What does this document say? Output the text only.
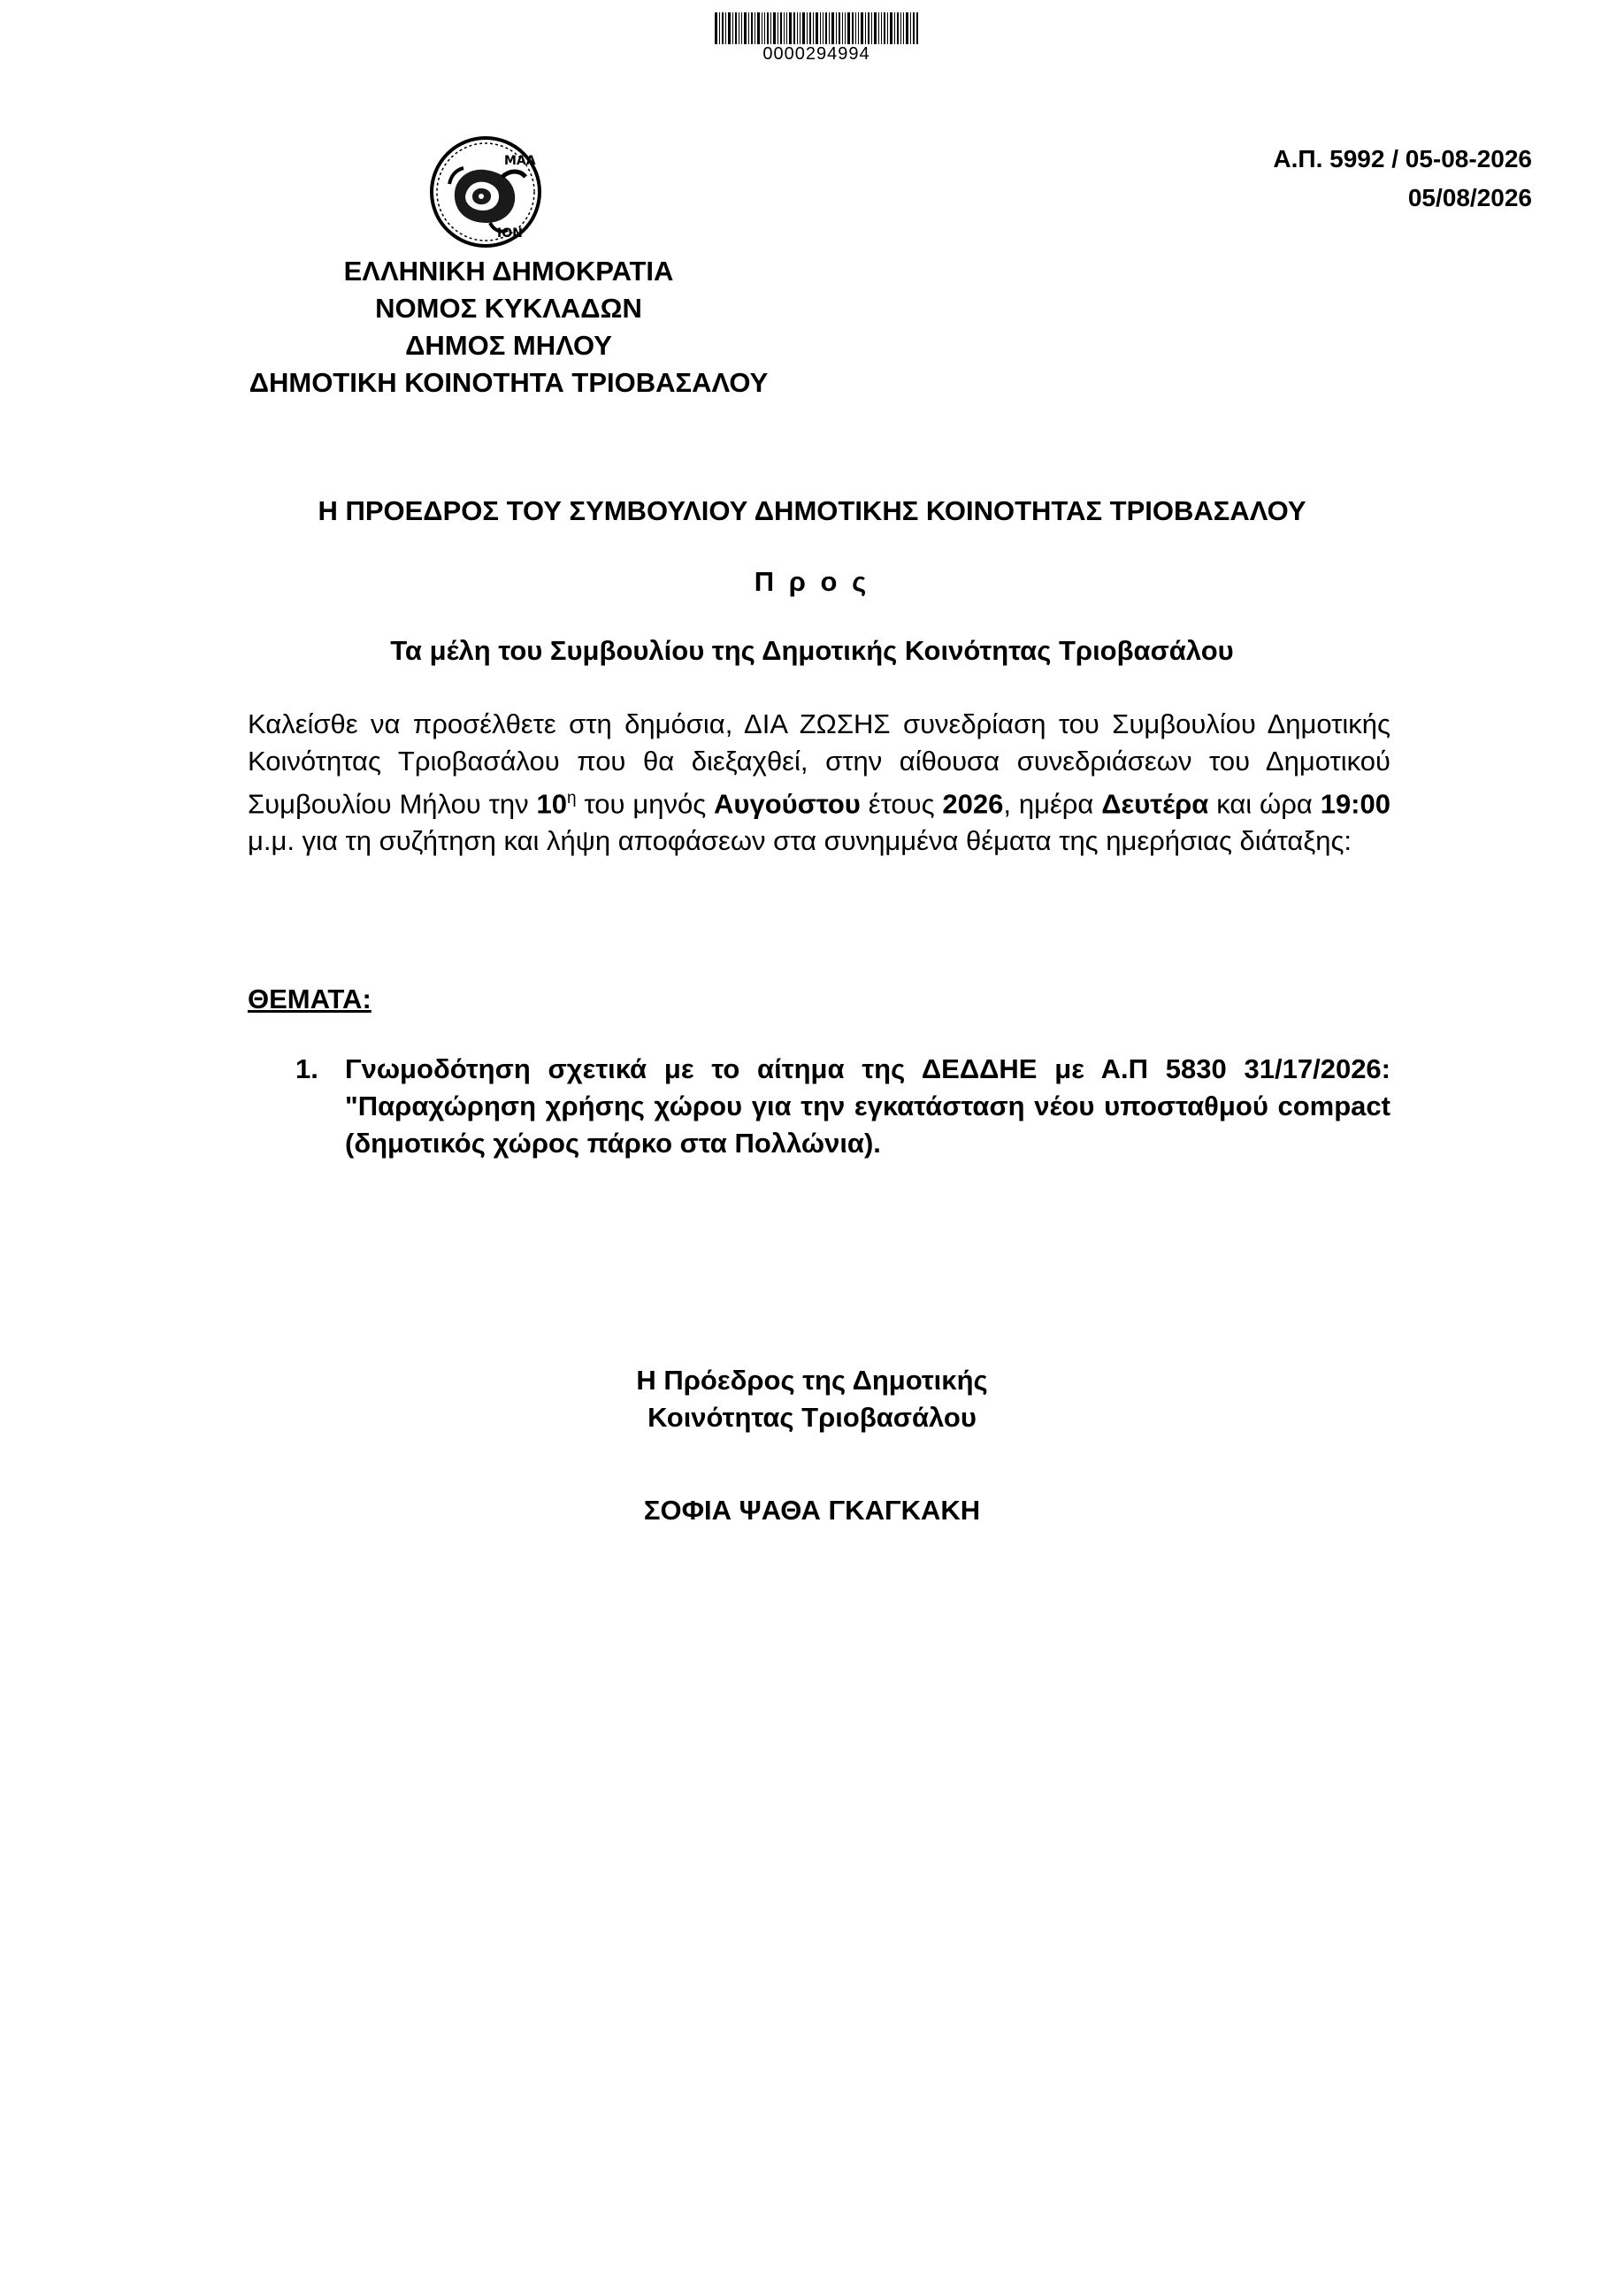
0000294994
ΜΑΛ
ΙΟΝ
Α.Π. 5992 / 05-08-2026
05/08/2026
ΕΛΛΗΝΙΚΗ ΔΗΜΟΚΡΑΤΙΑ
ΝΟΜΟΣ ΚΥΚΛΑΔΩΝ
ΔΗΜΟΣ ΜΗΛΟΥ
ΔΗΜΟΤΙΚΗ ΚΟΙΝΟΤΗΤΑ ΤΡΙΟΒΑΣΑΛΟΥ
Η ΠΡΟΕΔΡΟΣ ΤΟΥ ΣΥΜΒΟΥΛΙΟΥ ΔΗΜΟΤΙΚΗΣ ΚΟΙΝΟΤΗΤΑΣ ΤΡΙΟΒΑΣΑΛΟΥ
Π ρ ο ς
Τα μέλη του Συμβουλίου της Δημοτικής Κοινότητας Τριοβασάλου
Καλείσθε να προσέλθετε στη δημόσια, ΔΙΑ ΖΩΣΗΣ συνεδρίαση του Συμβουλίου Δημοτικής Κοινότητας Τριοβασάλου που θα διεξαχθεί, στην αίθουσα συνεδριάσεων του Δημοτικού Συμβουλίου Μήλου την $10^\eta$ του μηνός Αυγούστου έτους 2026, ημέρα Δευτέρα και ώρα 19:00 μ.μ. για τη συζήτηση και λήψη αποφάσεων στα συνημμένα θέματα της ημερήσιας διάταξης:
ΘΕΜΑΤΑ:
1. Γνωμοδότηση σχετικά με το αίτημα της ΔΕΔΔΗΕ με Α.Π 5830 31/17/2026: "Παραχώρηση χρήσης χώρου για την εγκατάσταση νέου υποσταθμού compact (δημοτικός χώρος πάρκο στα Πολλώνια).
Η Πρόεδρος της Δημοτικής
Κοινότητας Τριοβασάλου
ΣΟΦΙΑ ΨΑΘΑ ΓΚΑΓΚΑΚΗ
